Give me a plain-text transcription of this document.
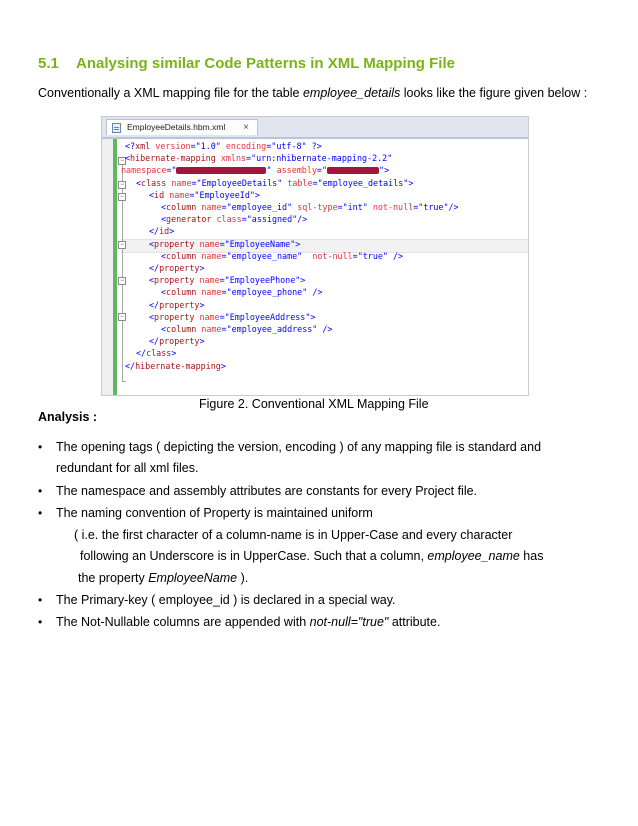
5.1 Analysing similar Code Patterns in XML Mapping File
Conventionally a XML mapping file for the table employee_details looks like the figure given below :
EmployeeDetails.hbm.xml ×
−
−
−
−
−
−
<?xml version="1.0" encoding="utf-8" ?>
<hibernate-mapping xmlns="urn:nhibernate-mapping-2.2"
namespace="	" assembly="	">
<class name="EmployeeDetails" table="employee_details">
<id name="EmployeeId">
<column name="employee_id" sql-type="int" not-null="true"/>
<generator class="assigned"/>
</id>
<property name="EmployeeName">
<column name="employee_name" not-null="true" />
</property>
<property name="EmployeePhone">
<column name="employee_phone" />
</property>
<property name="EmployeeAddress">
<column name="employee_address" />
</property>
</class>
</hibernate-mapping>
Figure 2. Conventional XML Mapping File
Analysis :
• The opening tags ( depicting the version, encoding ) of any mapping file is standard and
redundant for all xml files.
• The namespace and assembly attributes are constants for every Project file.
• The naming convention of Property is maintained uniform
( i.e. the first character of a column-name is in Upper-Case and every character
following an Underscore is in UpperCase. Such that a column, employee_name has
the property EmployeeName ).
• The Primary-key ( employee_id ) is declared in a special way.
• The Not-Nullable columns are appended with not-null="true" attribute.
